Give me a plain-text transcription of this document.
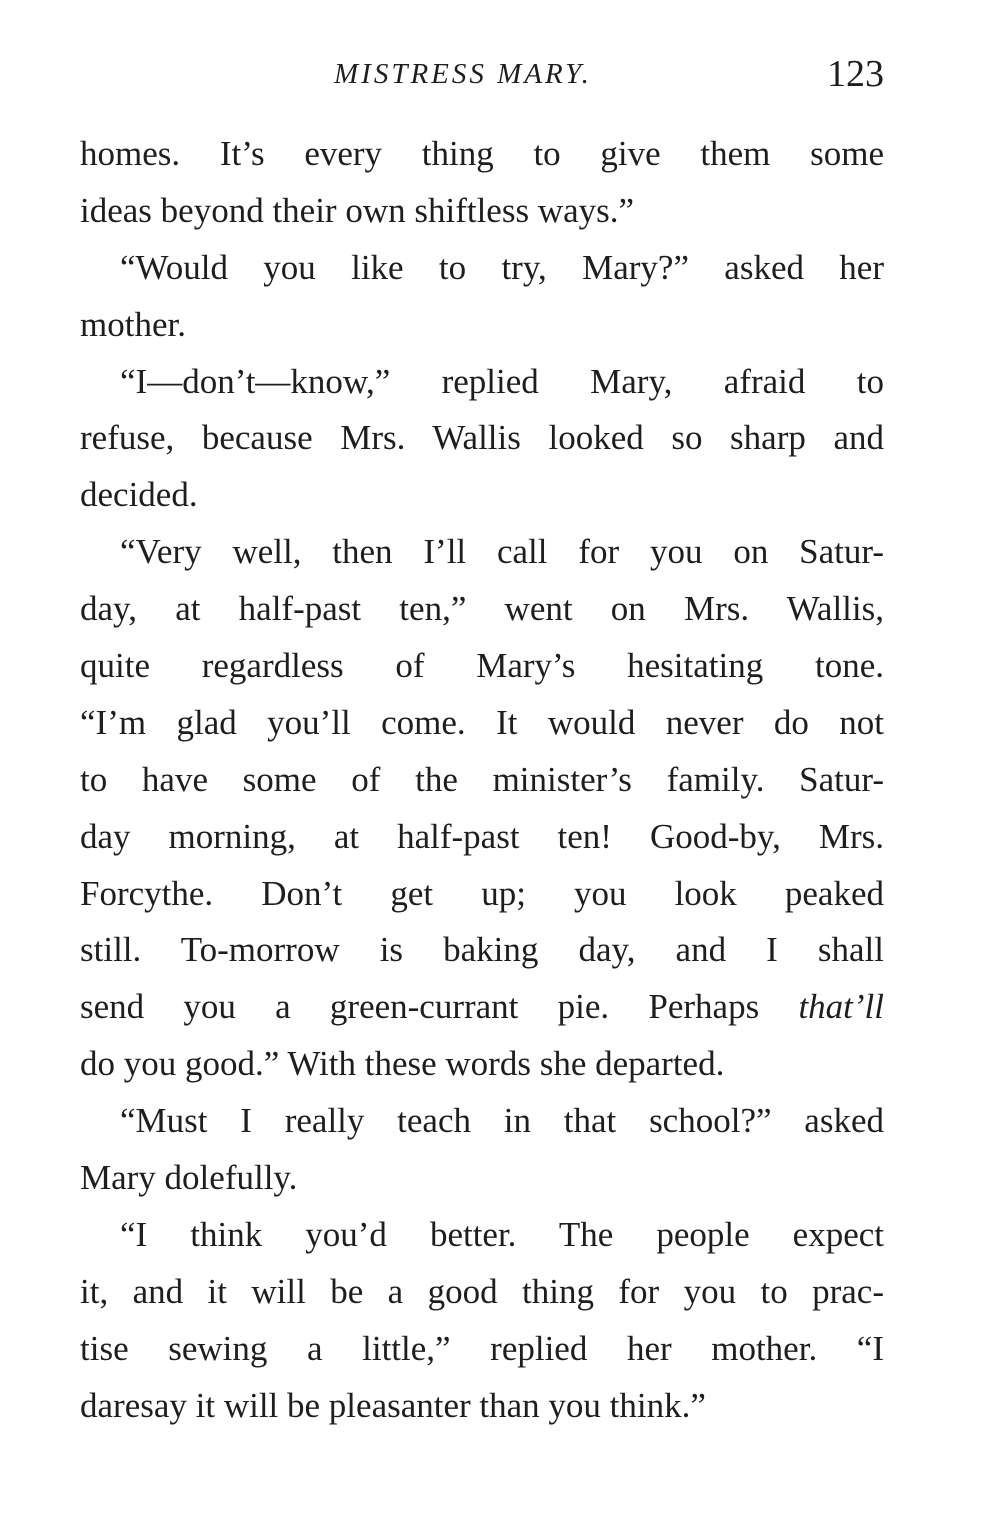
MISTRESS MARY.	123
homes. It’s every thing to give them some
ideas beyond their own shiftless ways.”
“Would you like to try, Mary?” asked her
mother.
“I—don’t—know,” replied Mary, afraid to
refuse, because Mrs. Wallis looked so sharp and
decided.
“Very well, then I’ll call for you on Satur-
day, at half-past ten,” went on Mrs. Wallis,
quite regardless of Mary’s hesitating tone.
“I’m glad you’ll come. It would never do not
to have some of the minister’s family. Satur-
day morning, at half-past ten! Good-by, Mrs.
Forcythe. Don’t get up; you look peaked
still. To-morrow is baking day, and I shall
send you a green-currant pie. Perhaps that’ll
do you good.” With these words she departed.
“Must I really teach in that school?” asked
Mary dolefully.
“I think you’d better. The people expect
it, and it will be a good thing for you to prac-
tise sewing a little,” replied her mother. “I
daresay it will be pleasanter than you think.”
